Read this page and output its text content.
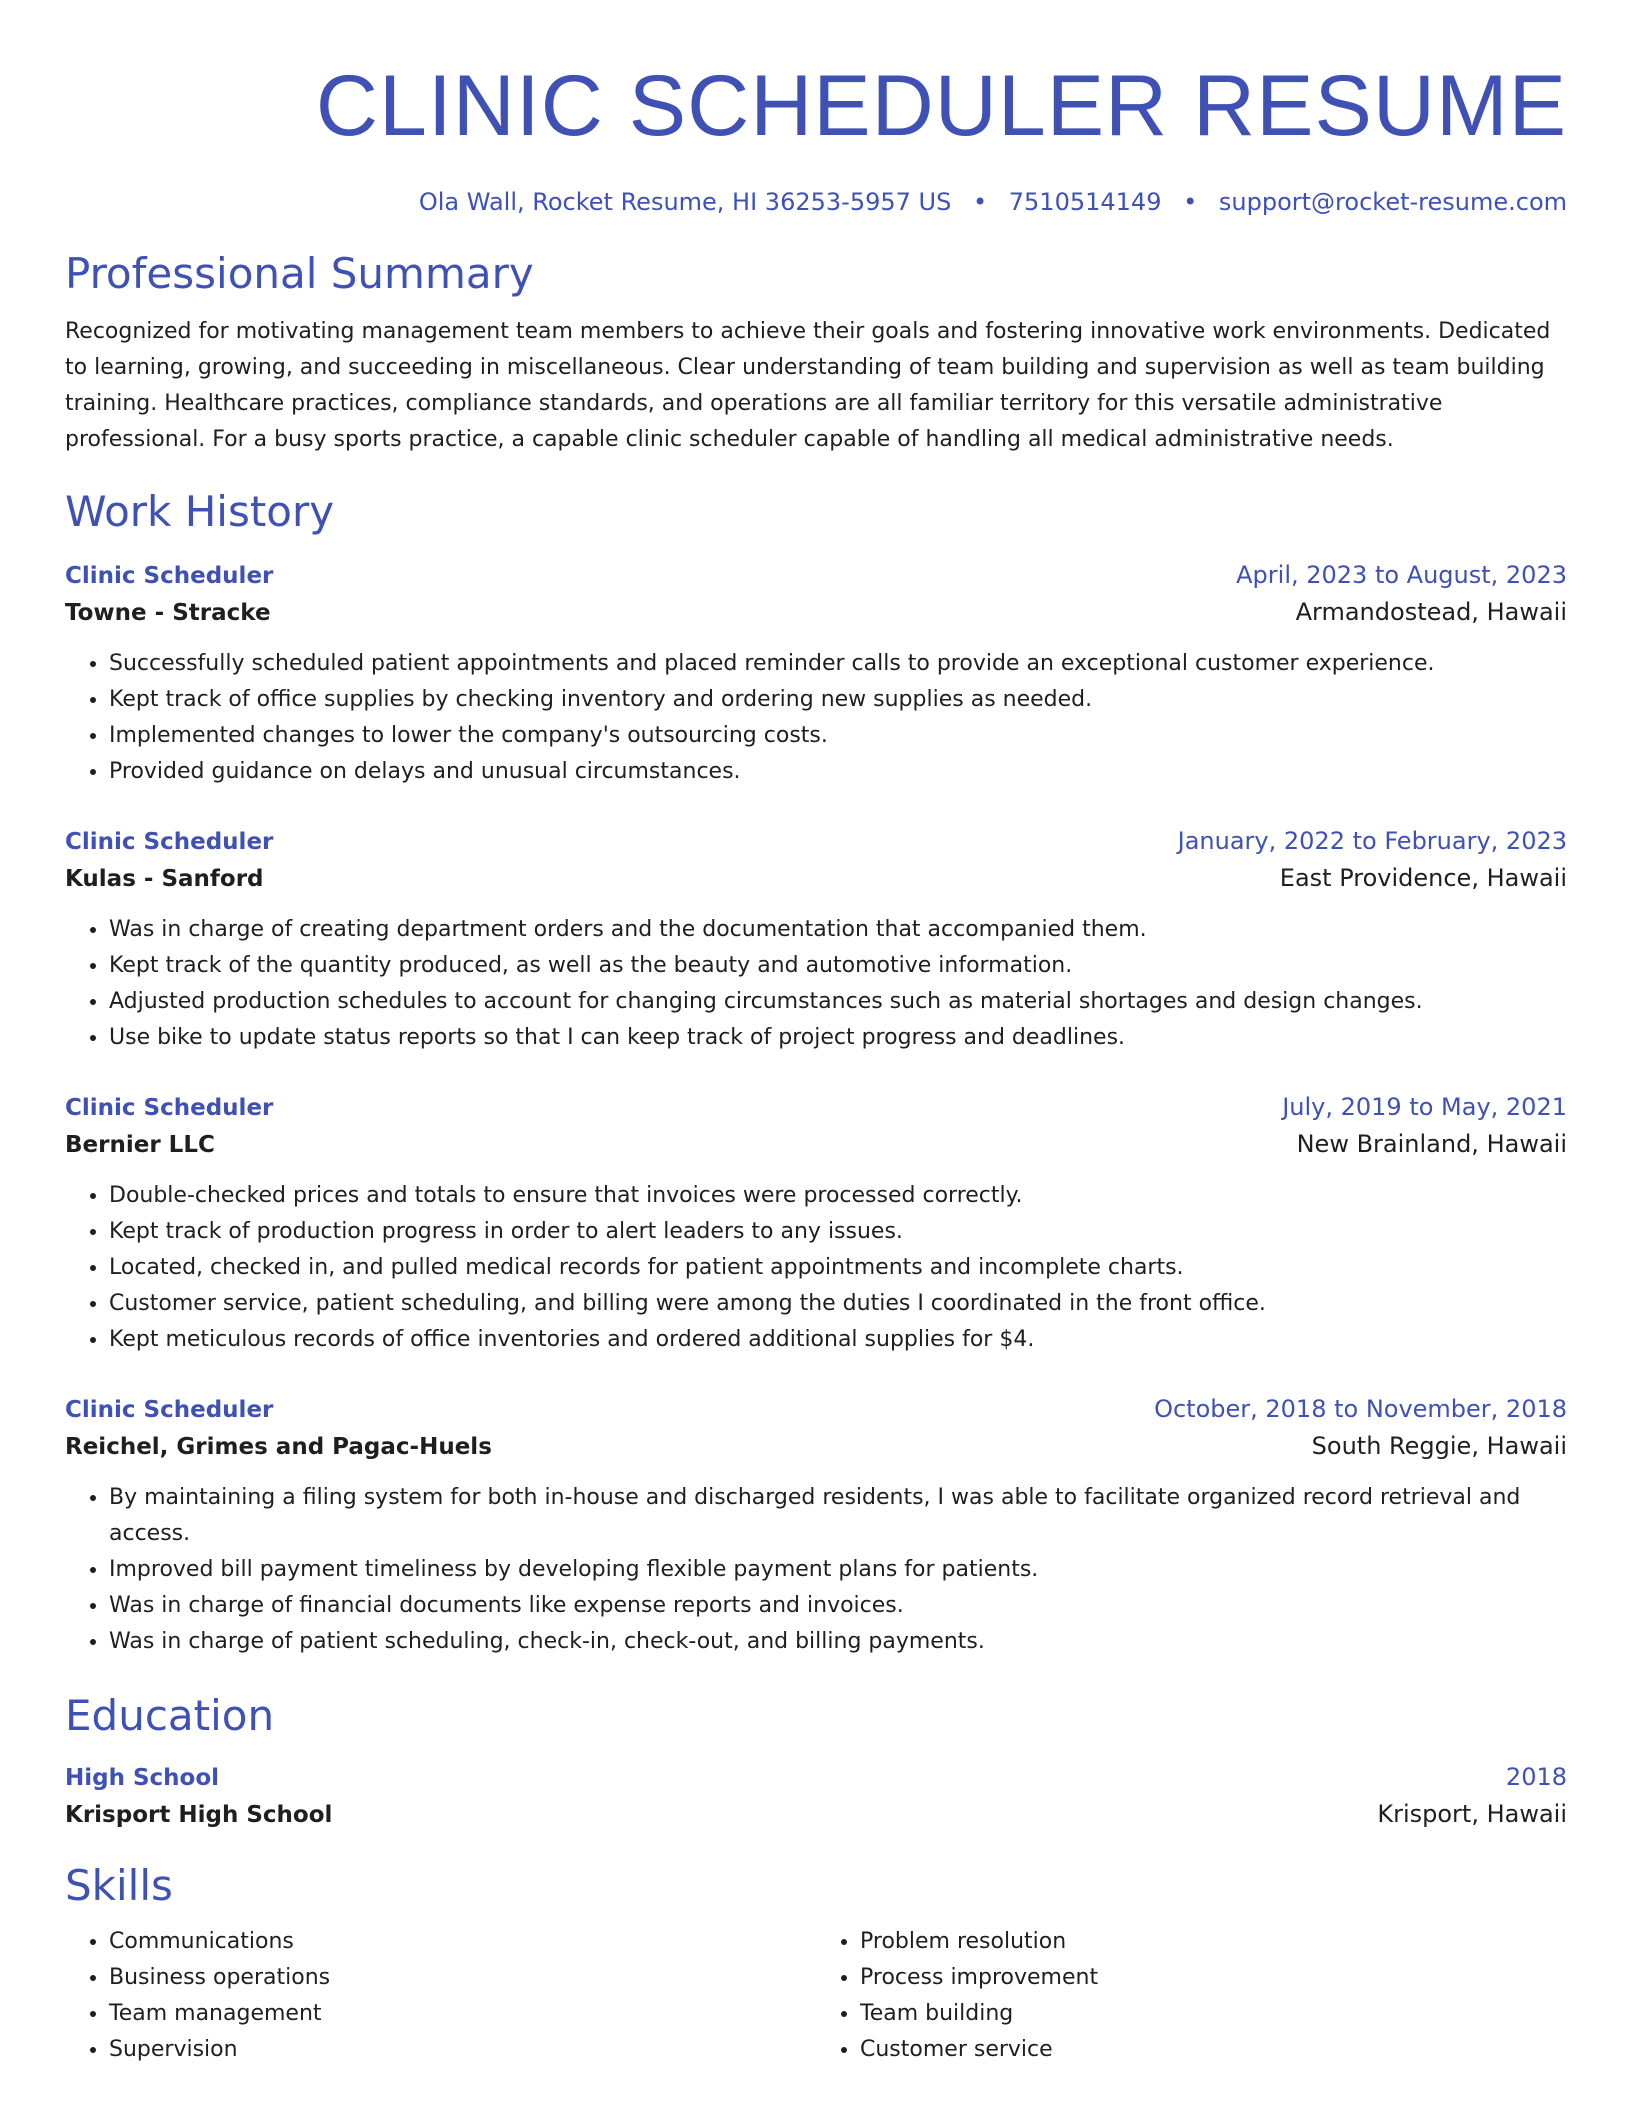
CLINIC SCHEDULER RESUME
Ola Wall, Rocket Resume, HI 36253-5957 US • 7510514149 • support@rocket-resume.com
Professional Summary
Recognized for motivating management team members to achieve their goals and fostering innovative work environments. Dedicated to learning, growing, and succeeding in miscellaneous. Clear understanding of team building and supervision as well as team building training. Healthcare practices, compliance standards, and operations are all familiar territory for this versatile administrative professional. For a busy sports practice, a capable clinic scheduler capable of handling all medical administrative needs.
Work History
Clinic Scheduler	April, 2023 to August, 2023
Towne - Stracke	Armandostead, Hawaii
• Successfully scheduled patient appointments and placed reminder calls to provide an exceptional customer experience.
• Kept track of office supplies by checking inventory and ordering new supplies as needed.
• Implemented changes to lower the company's outsourcing costs.
• Provided guidance on delays and unusual circumstances.
Clinic Scheduler	January, 2022 to February, 2023
Kulas - Sanford	East Providence, Hawaii
• Was in charge of creating department orders and the documentation that accompanied them.
• Kept track of the quantity produced, as well as the beauty and automotive information.
• Adjusted production schedules to account for changing circumstances such as material shortages and design changes.
• Use bike to update status reports so that I can keep track of project progress and deadlines.
Clinic Scheduler	July, 2019 to May, 2021
Bernier LLC	New Brainland, Hawaii
• Double-checked prices and totals to ensure that invoices were processed correctly.
• Kept track of production progress in order to alert leaders to any issues.
• Located, checked in, and pulled medical records for patient appointments and incomplete charts.
• Customer service, patient scheduling, and billing were among the duties I coordinated in the front office.
• Kept meticulous records of office inventories and ordered additional supplies for $4.
Clinic Scheduler	October, 2018 to November, 2018
Reichel, Grimes and Pagac-Huels	South Reggie, Hawaii
• By maintaining a filing system for both in-house and discharged residents, I was able to facilitate organized record retrieval and access.
• Improved bill payment timeliness by developing flexible payment plans for patients.
• Was in charge of financial documents like expense reports and invoices.
• Was in charge of patient scheduling, check-in, check-out, and billing payments.
Education
High School	2018
Krisport High School	Krisport, Hawaii
Skills
• Communications
• Business operations
• Team management
• Supervision
• Problem resolution
• Process improvement
• Team building
• Customer service
